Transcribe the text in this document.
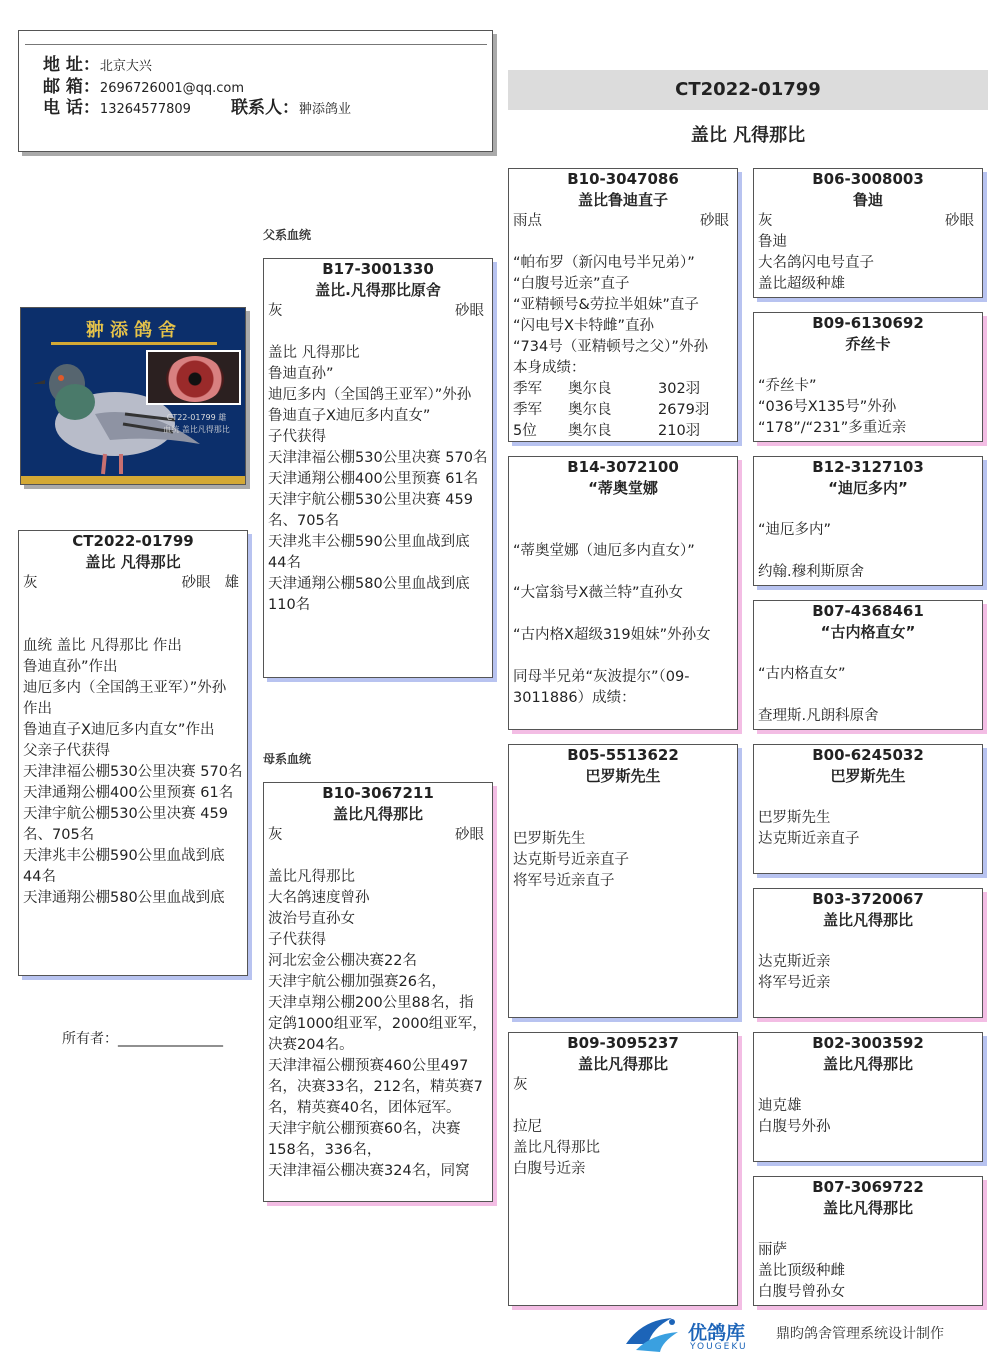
地 址：北京大兴
邮 箱：2696726001@qq.com
电 话：13264577809 联系人：翀添鸽业
CT2022-01799
盖比 凡得那比
翀添鸽舍
CT22-01799 雄
血统 盖比凡得那比
父系血统
母系血统
CT2022-01799
盖比 凡得那比
灰	砂眼 雄
血统 盖比 凡得那比 作出
鲁迪直孙”作出
迪厄多内（全国鸽王亚军）”外孙 作出
鲁迪直子X迪厄多内直女”作出
父亲子代获得
天津津福公棚530公里决赛 570名
天津通翔公棚400公里预赛 61名
天津宇航公棚530公里决赛 459名、705名
天津兆丰公棚590公里血战到底44名
天津通翔公棚580公里血战到底
所有者：_______________
B17-3001330
盖比.凡得那比原舍
灰	砂眼

盖比 凡得那比
鲁迪直孙”
迪厄多内（全国鸽王亚军）”外孙
鲁迪直子X迪厄多内直女”
子代获得
天津津福公棚530公里决赛 570名
天津通翔公棚400公里预赛 61名
天津宇航公棚530公里决赛 459名、705名
天津兆丰公棚590公里血战到底44名
天津通翔公棚580公里血战到底110名
B10-3067211
盖比凡得那比
灰	砂眼

盖比凡得那比
大名鸽速度曾孙
波治号直孙女
子代获得
河北宏金公棚决赛22名
天津宇航公棚加强赛26名，
天津卓翔公棚200公里88名，指定鸽1000组亚军，2000组亚军，决赛204名。
天津津福公棚预赛460公里497名，决赛33名，212名，精英赛7名，精英赛40名，团体冠军。
天津宇航公棚预赛60名，决赛158名，336名，
天津津福公棚决赛324名，同窝
B10-3047086
盖比鲁迪直子
雨点	砂眼

“帕布罗（新闪电号半兄弟）”
“白腹号近亲”直子
“亚精顿号&劳拉半姐妹”直子
“闪电号X卡特雌”直孙
“734号（亚精顿号之父）”外孙
本身成绩：
季军	奥尔良	302羽
季军	奥尔良	2679羽
5位	奥尔良	210羽
B14-3072100
“蒂奥堂娜

“蒂奥堂娜（迪厄多内直女）”

“大富翁号X薇兰特”直孙女

“古内格X超级319姐妹”外孙女

同母半兄弟“灰波提尔”（09-3011886）成绩：
B05-5513622
巴罗斯先生

巴罗斯先生
达克斯号近亲直子
将军号近亲直子
B09-3095237
盖比凡得那比
灰

拉尼
盖比凡得那比
白腹号近亲
B06-3008003
鲁迪
灰	砂眼
鲁迪
大名鸽闪电号直子
盖比超级种雄
B09-6130692
乔丝卡

“乔丝卡”
“036号X135号”外孙
“178”/“231”多重近亲
B12-3127103
“迪厄多内”

“迪厄多内”

约翰.穆利斯原舍
B07-4368461
“古内格直女”

“古内格直女”

查理斯.凡朗科原舍
B00-6245032
巴罗斯先生

巴罗斯先生
达克斯近亲直子
B03-3720067
盖比凡得那比

达克斯近亲
将军号近亲
B02-3003592
盖比凡得那比

迪克雄
白腹号外孙
B07-3069722
盖比凡得那比

丽萨
盖比顶级种雌
白腹号曾孙女
优鸽库
YOUGEKU
鼎昀鸽舍管理系统设计制作
